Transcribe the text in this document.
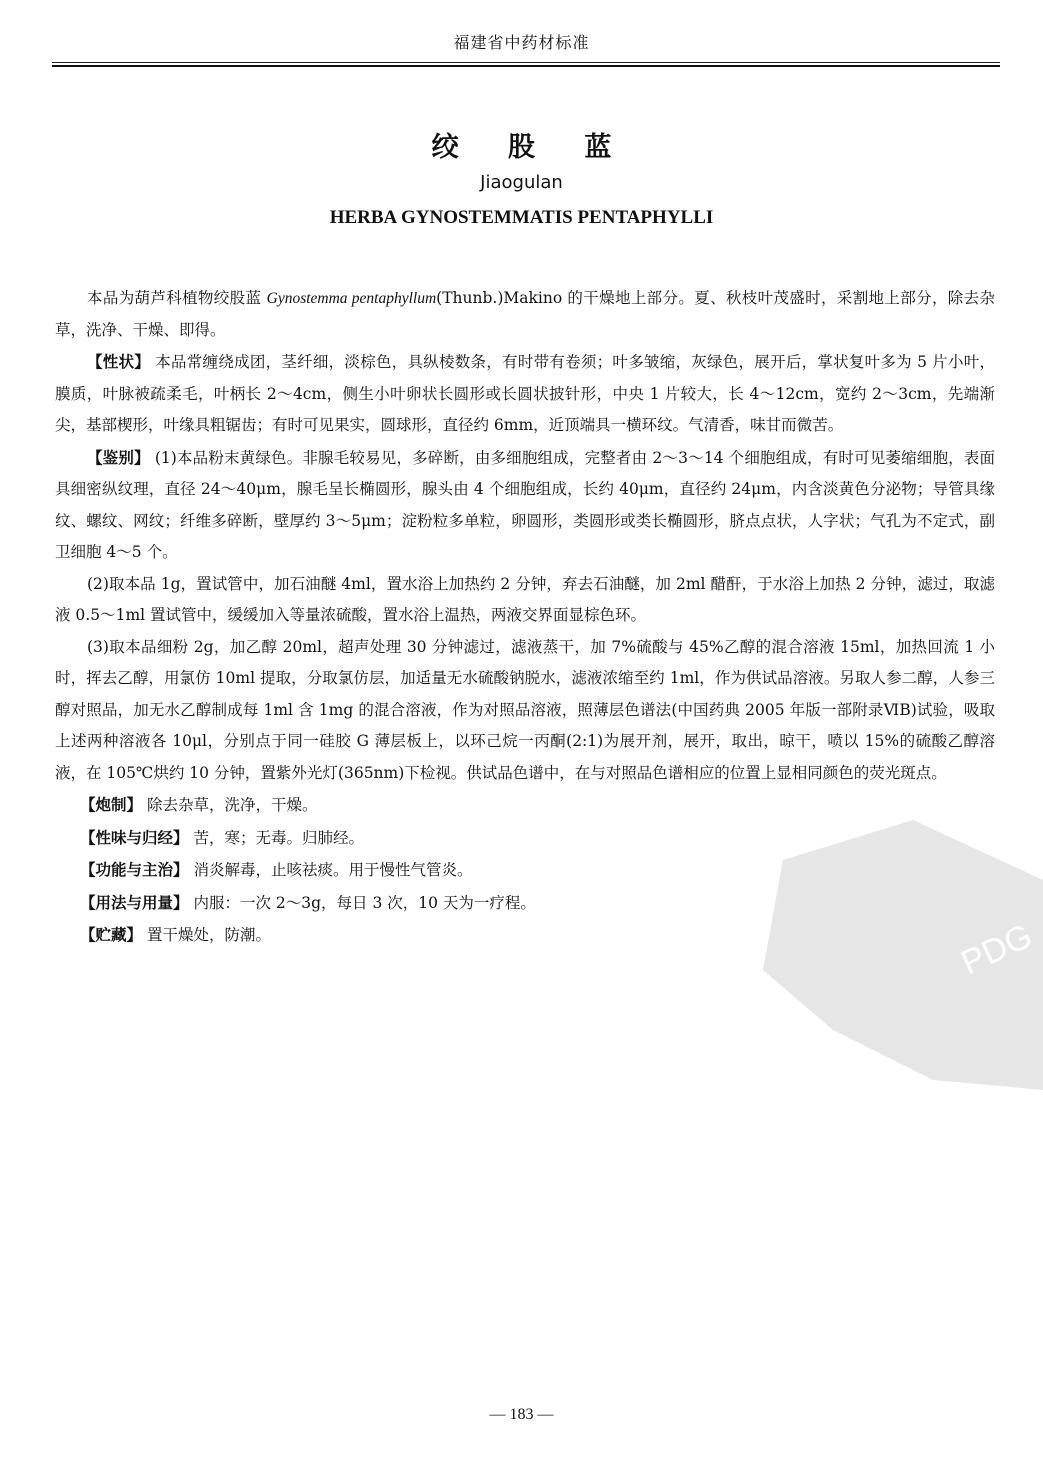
福建省中药材标准
绞 股 蓝
Jiaogulan
HERBA GYNOSTEMMATIS PENTAPHYLLI

本品为葫芦科植物绞股蓝 Gynostemma pentaphyllum(Thunb.)Makino 的干燥地上部分。夏、秋枝叶茂盛时，采割地上部分，除去杂草，洗净、干燥、即得。

【性状】 本品常缠绕成团，茎纤细，淡棕色，具纵棱数条，有时带有卷须；叶多皱缩，灰绿色，展开后，掌状复叶多为 5 片小叶，膜质，叶脉被疏柔毛，叶柄长 2～4cm，侧生小叶卵状长圆形或长圆状披针形，中央 1 片较大，长 4～12cm，宽约 2～3cm，先端渐尖，基部楔形，叶缘具粗锯齿；有时可见果实，圆球形，直径约 6mm，近顶端具一横环纹。气清香，味甘而微苦。

【鉴别】 (1)本品粉末黄绿色。非腺毛较易见，多碎断，由多细胞组成，完整者由 2～3～14 个细胞组成，有时可见萎缩细胞，表面具细密纵纹理，直径 24～40μm，腺毛呈长椭圆形，腺头由 4 个细胞组成，长约 40μm，直径约 24μm，内含淡黄色分泌物；导管具缘纹、螺纹、网纹；纤维多碎断，壁厚约 3～5μm；淀粉粒多单粒，卵圆形，类圆形或类长椭圆形，脐点点状，人字状；气孔为不定式，副卫细胞 4～5 个。

(2)取本品 1g，置试管中，加石油醚 4ml，置水浴上加热约 2 分钟，弃去石油醚，加 2ml 醋酐，于水浴上加热 2 分钟，滤过，取滤液 0.5～1ml 置试管中，缓缓加入等量浓硫酸，置水浴上温热，两液交界面显棕色环。

(3)取本品细粉 2g，加乙醇 20ml，超声处理 30 分钟滤过，滤液蒸干，加 7%硫酸与 45%乙醇的混合溶液 15ml，加热回流 1 小时，挥去乙醇，用氯仿 10ml 提取，分取氯仿层，加适量无水硫酸钠脱水，滤液浓缩至约 1ml，作为供试品溶液。另取人参二醇，人参三醇对照品，加无水乙醇制成每 1ml 含 1mg 的混合溶液，作为对照品溶液，照薄层色谱法(中国药典 2005 年版一部附录ⅥB)试验，吸取上述两种溶液各 10μl，分别点于同一硅胶 G 薄层板上，以环己烷一丙酮(2:1)为展开剂，展开，取出，晾干，喷以 15%的硫酸乙醇溶液，在 105℃烘约 10 分钟，置紫外光灯(365nm)下检视。供试品色谱中，在与对照品色谱相应的位置上显相同颜色的荧光斑点。

【炮制】 除去杂草，洗净，干燥。

【性味与归经】 苦，寒；无毒。归肺经。

【功能与主治】 消炎解毒，止咳祛痰。用于慢性气管炎。

【用法与用量】 内服：一次 2～3g，每日 3 次，10 天为一疗程。

【贮藏】 置干燥处，防潮。	PDG
— 183 —
